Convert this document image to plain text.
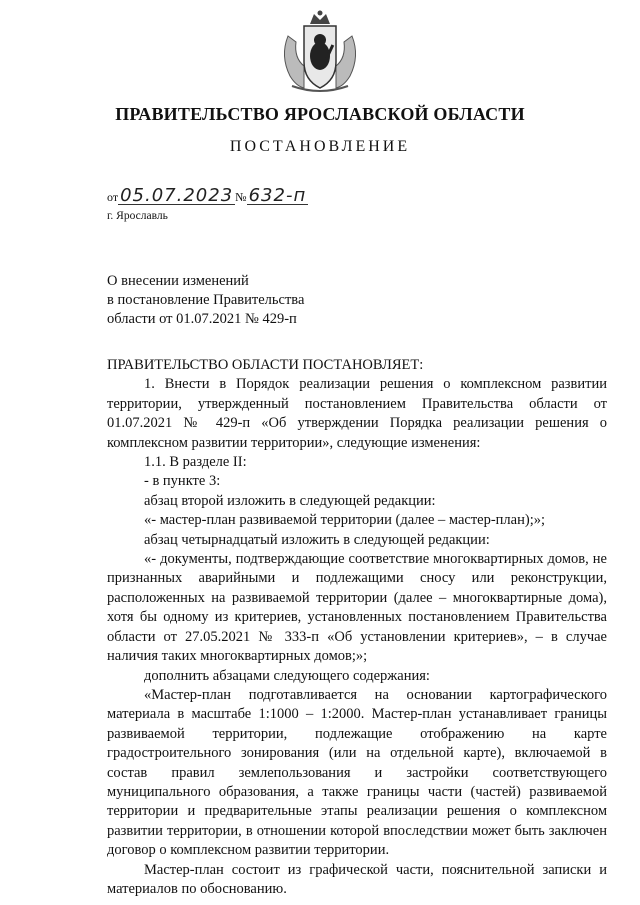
ПРАВИТЕЛЬСТВО ЯРОСЛАВСКОЙ ОБЛАСТИ
ПОСТАНОВЛЕНИЕ
от 05.07.2023 № 632-п
г. Ярославль
О внесении изменений
в постановление Правительства
области от 01.07.2021 № 429-п

ПРАВИТЕЛЬСТВО ОБЛАСТИ ПОСТАНОВЛЯЕТ:

1. Внести в Порядок реализации решения о комплексном развитии территории, утвержденный постановлением Правительства области от 01.07.2021 № 429-п «Об утверждении Порядка реализации решения о комплексном развитии территории», следующие изменения:

1.1. В разделе II:

- в пункте 3:

абзац второй изложить в следующей редакции:

«- мастер-план развиваемой территории (далее – мастер-план);»;

абзац четырнадцатый изложить в следующей редакции:

«- документы, подтверждающие соответствие многоквартирных домов, не признанных аварийными и подлежащими сносу или реконструкции, расположенных на развиваемой территории (далее – многоквартирные дома), хотя бы одному из критериев, установленных постановлением Правительства области от 27.05.2021 № 333-п «Об установлении критериев», – в случае наличия таких многоквартирных домов;»;

дополнить абзацами следующего содержания:

«Мастер-план подготавливается на основании картографического материала в масштабе 1:1000 – 1:2000. Мастер-план устанавливает границы развиваемой территории, подлежащие отображению на карте градостроительного зонирования (или на отдельной карте), включаемой в состав правил землепользования и застройки соответствующего муниципального образования, а также границы части (частей) развиваемой территории и предварительные этапы реализации решения о комплексном развитии территории, в отношении которой впоследствии может быть заключен договор о комплексном развитии территории.

Мастер-план состоит из графической части, пояснительной записки и материалов по обоснованию.
